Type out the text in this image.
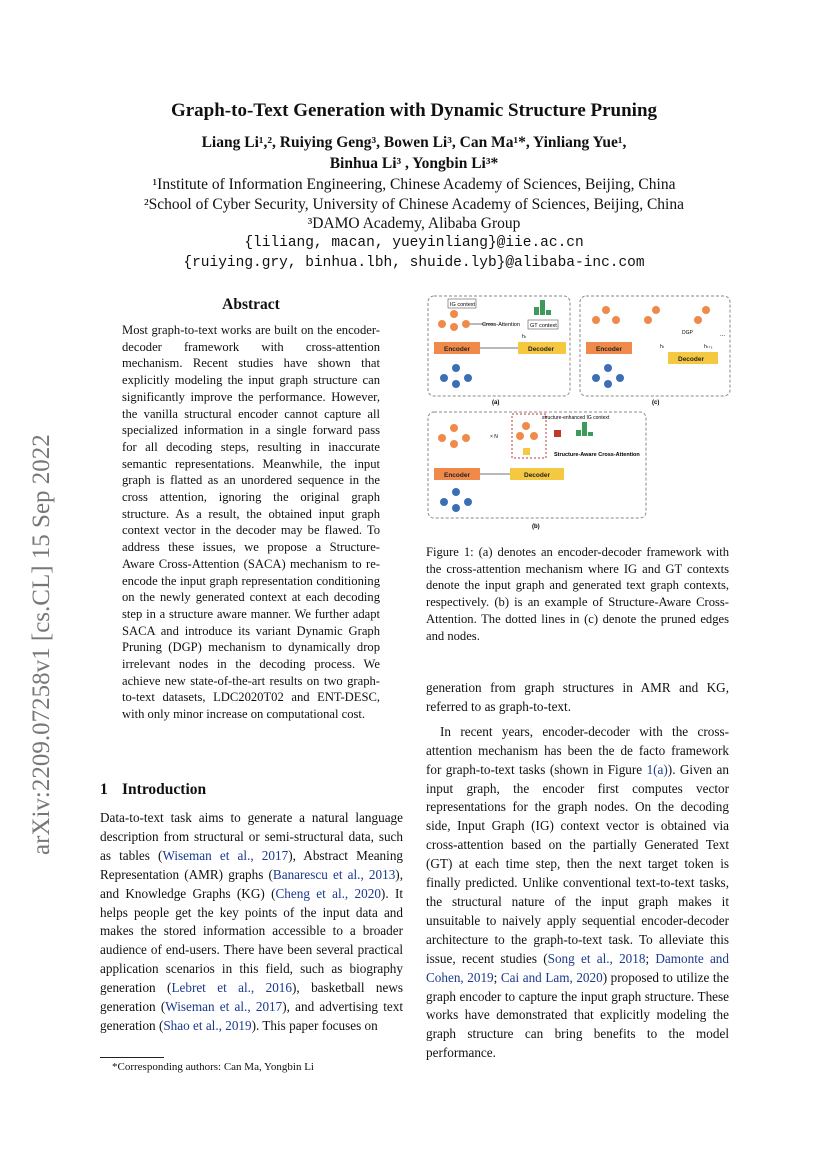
Graph-to-Text Generation with Dynamic Structure Pruning
Liang Li¹,², Ruiying Geng³, Bowen Li³, Can Ma¹*, Yinliang Yue¹,
Binhua Li³ , Yongbin Li³*
¹Institute of Information Engineering, Chinese Academy of Sciences, Beijing, China
²School of Cyber Security, University of Chinese Academy of Sciences, Beijing, China
³DAMO Academy, Alibaba Group
{liliang, macan, yueyinliang}@iie.ac.cn
{ruiying.gry, binhua.lbh, shuide.lyb}@alibaba-inc.com
arXiv:2209.07258v1 [cs.CL] 15 Sep 2022
Abstract
Most graph-to-text works are built on the encoder-decoder framework with cross-attention mechanism. Recent studies have shown that explicitly modeling the input graph structure can significantly improve the performance. However, the vanilla structural encoder cannot capture all specialized information in a single forward pass for all decoding steps, resulting in inaccurate semantic representations. Meanwhile, the input graph is flatted as an unordered sequence in the cross attention, ignoring the original graph structure. As a result, the obtained input graph context vector in the decoder may be flawed. To address these issues, we propose a Structure-Aware Cross-Attention (SACA) mechanism to re-encode the input graph representation conditioning on the newly generated context at each decoding step in a structure aware manner. We further adapt SACA and introduce its variant Dynamic Graph Pruning (DGP) mechanism to dynamically drop irrelevant nodes in the decoding process. We achieve new state-of-the-art results on two graph-to-text datasets, LDC2020T02 and ENT-DESC, with only minor increase on computational cost.
1 Introduction
Data-to-text task aims to generate a natural language description from structural or semi-structural data, such as tables (Wiseman et al., 2017), Abstract Meaning Representation (AMR) graphs (Banarescu et al., 2013), and Knowledge Graphs (KG) (Cheng et al., 2020). It helps people get the key points of the input data and makes the stored information accessible to a broader audience of end-users. There have been several practical application scenarios in this field, such as biography generation (Lebret et al., 2016), basketball news generation (Wiseman et al., 2017), and advertising text generation (Shao et al., 2019). This paper focuses on

generation from graph structures in AMR and KG, referred to as graph-to-text.

In recent years, encoder-decoder with the cross-attention mechanism has been the de facto framework for graph-to-text tasks (shown in Figure 1(a)). Given an input graph, the encoder first computes vector representations for the graph nodes. On the decoding side, Input Graph (IG) context vector is obtained via cross-attention based on the partially Generated Text (GT) at each time step, then the next target token is finally predicted. Unlike conventional text-to-text tasks, the structural nature of the input graph makes it unsuitable to naively apply sequential encoder-decoder architecture to the graph-to-text task. To alleviate this issue, recent studies (Song et al., 2018; Damonte and Cohen, 2019; Cai and Lam, 2020) proposed to utilize the graph encoder to capture the input graph structure. These works have demonstrated that explicitly modeling the graph structure can bring benefits to the model performance.

*Corresponding authors: Can Ma, Yongbin Li
IG context
Cross-Attention GT context
Encoder	Decoder
hₜ
(a)
DGP	...
Encoder
Decoder
hₜ	hₜ₊₁
(c)
× N
structure-enhanced IG context
Structure-Aware Cross-Attention
Encoder	Decoder
(b)
Figure 1: (a) denotes an encoder-decoder framework with the cross-attention mechanism where IG and GT contexts denote the input graph and generated text graph contexts, respectively. (b) is an example of Structure-Aware Cross-Attention. The dotted lines in (c) denote the pruned edges and nodes.
